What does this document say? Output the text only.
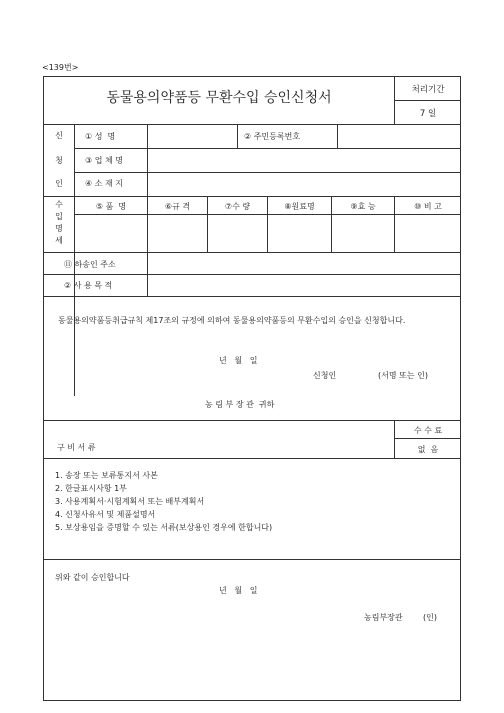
<139번>
동물용의약품등 무환수입 승인신청서	처리기간
7 일
신
청
인
① 성  명	② 주민등록번호
③ 업 체 명
④ 소 재 지
수
입
명
세
⑤ 품  명	⑥규 격	⑦수 량	⑧원료명	⑨효 능	⑩ 비 고
⑪ 하송인 주소
② 사 용 목 적
동물용의약품등취급규칙 제17조의 규정에 의하여 동물용의약품등의 무환수입의 승인을 신청합니다.
년   월   일
신청인	(서명 또는 인)
농 림 부 장 관  귀하
구 비 서 류
수 수 료
없  음
1. 송장 또는 보류통지서 사본
2. 한글표시사항 1부
3. 사용계획서·시험계획서 또는 배부계획서
4. 신청사유서 및 제품설명서
5. 보상용임을 증명할 수 있는 서류(보상용인 경우에 한합니다)
위와 같이 승인합니다
년   월   일
농림부장관	(인)
